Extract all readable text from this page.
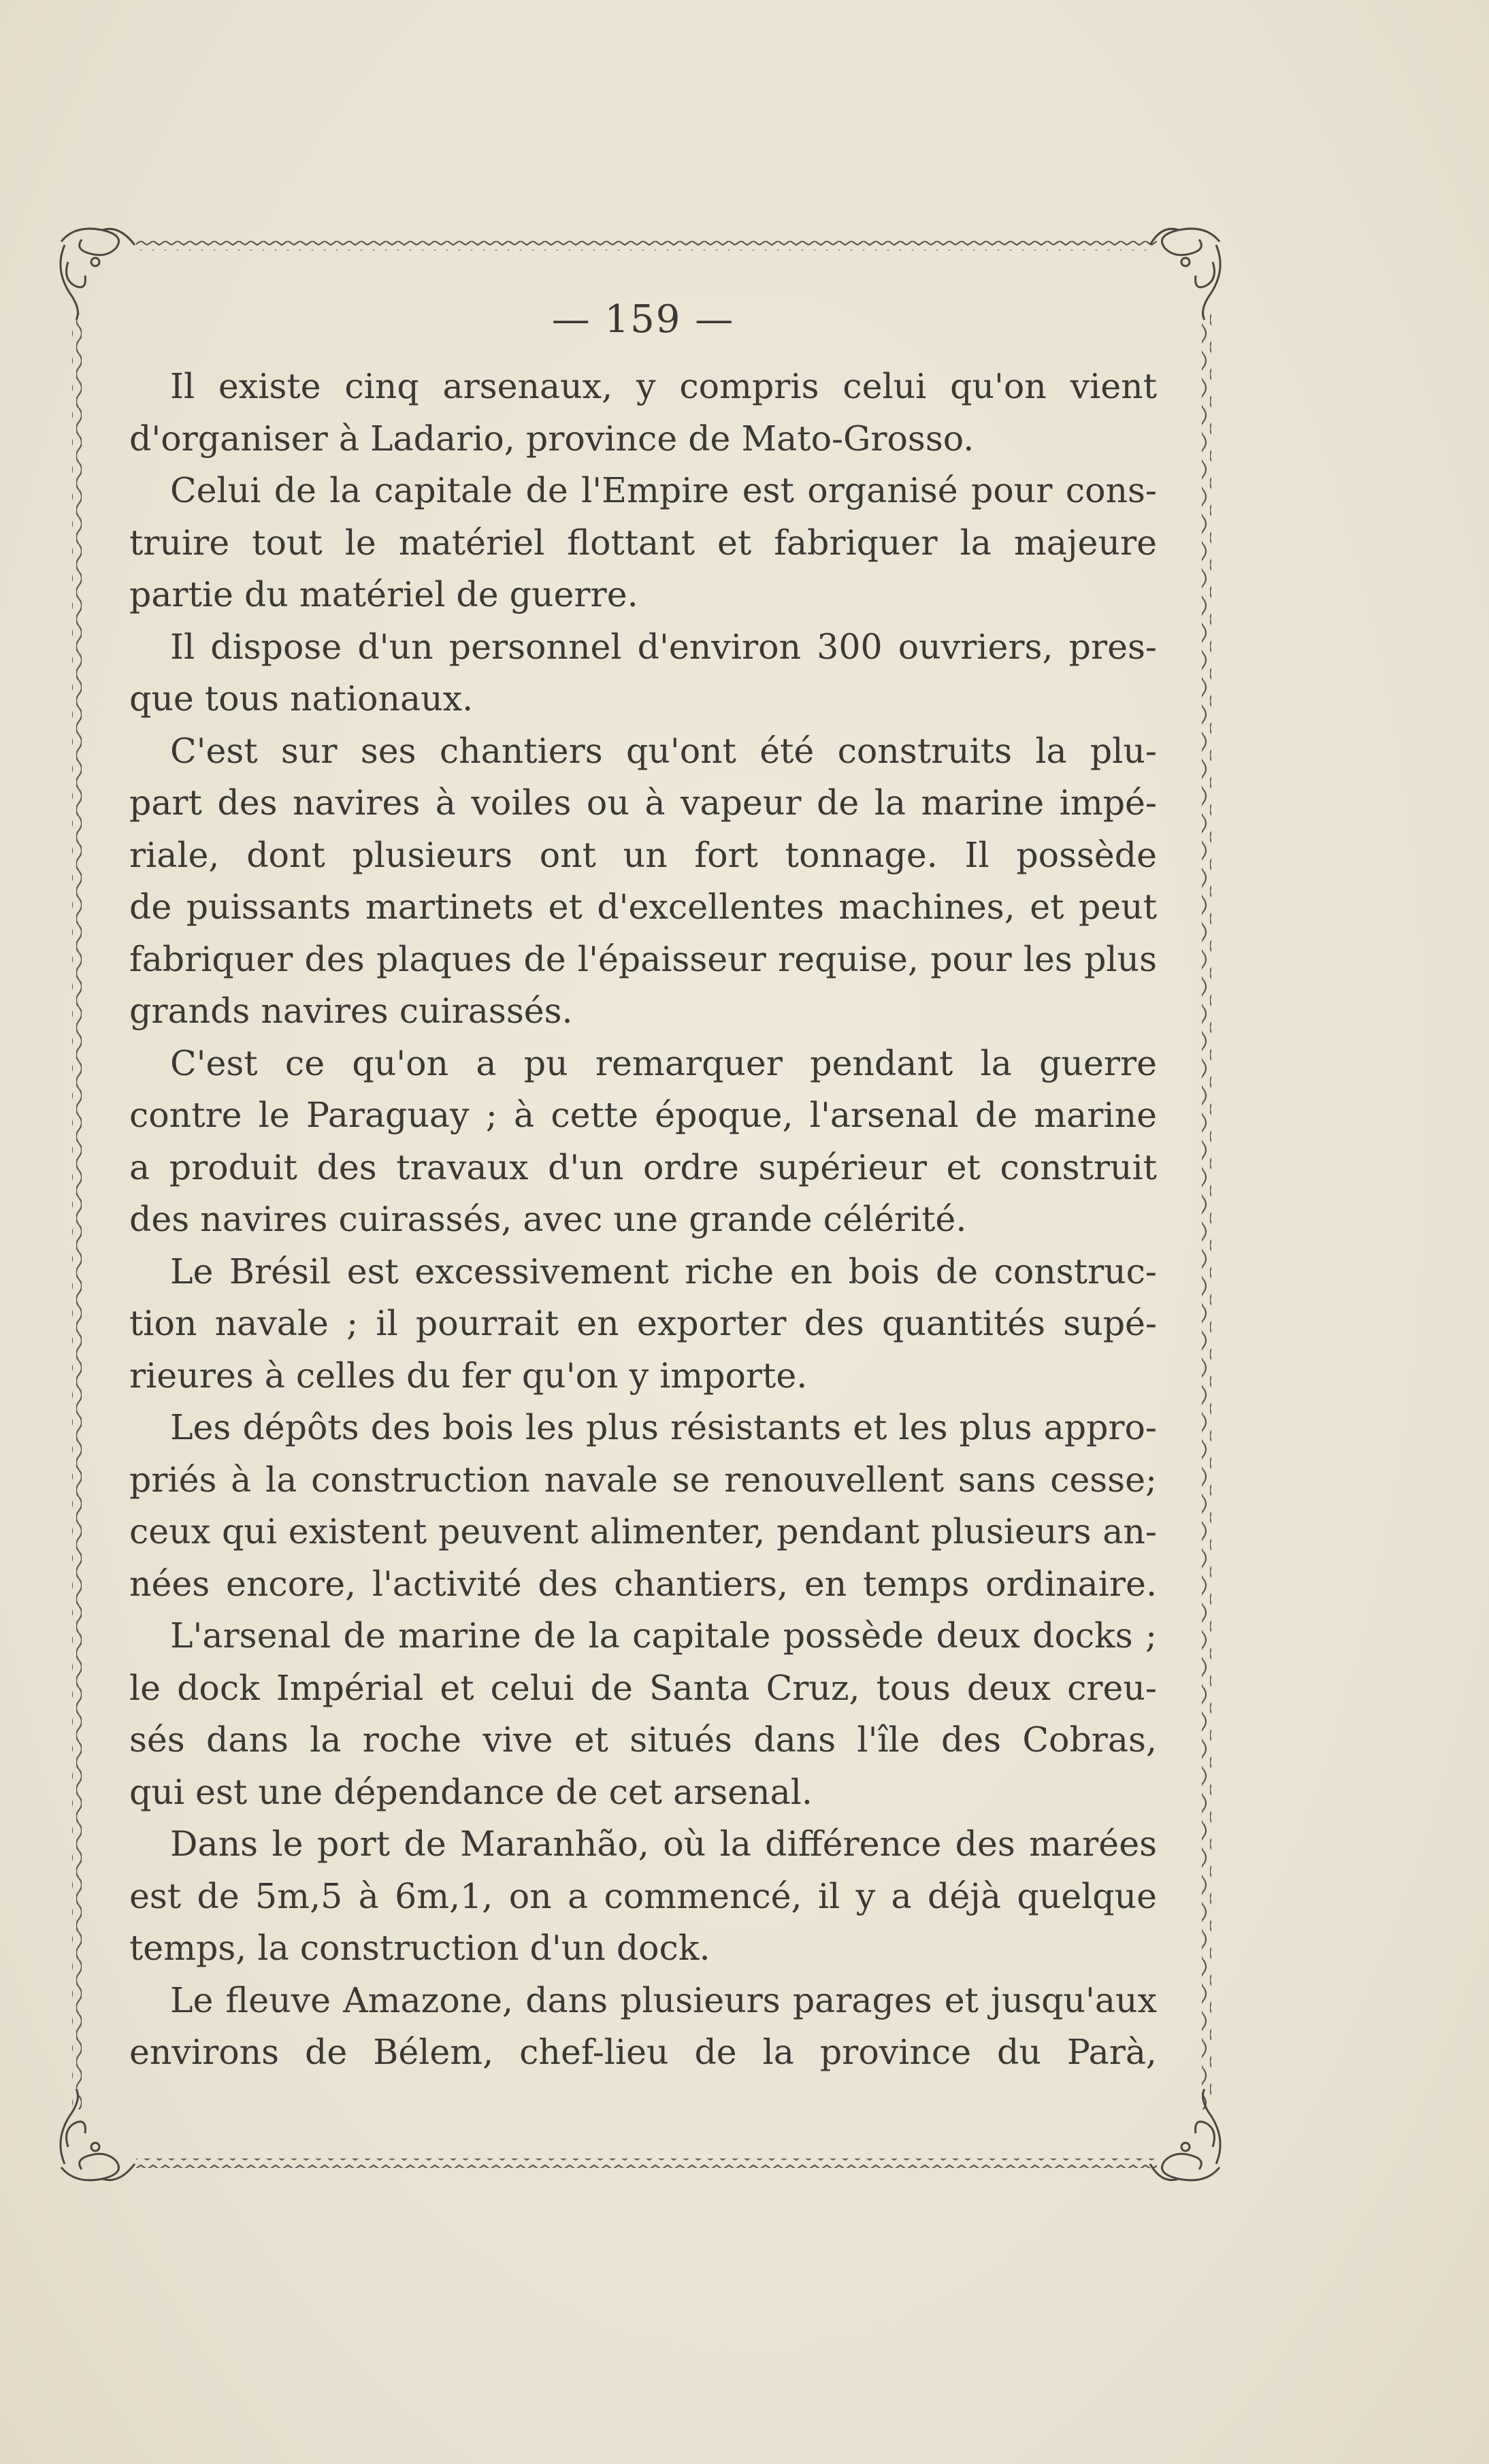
— 159 —
Il existe cinq arsenaux, y compris celui qu'on vient
d'organiser à Ladario, province de Mato-Grosso.
Celui de la capitale de l'Empire est organisé pour cons-
truire tout le matériel flottant et fabriquer la majeure
partie du matériel de guerre.
Il dispose d'un personnel d'environ 300 ouvriers, pres-
que tous nationaux.
C'est sur ses chantiers qu'ont été construits la plu-
part des navires à voiles ou à vapeur de la marine impé-
riale, dont plusieurs ont un fort tonnage. Il possède
de puissants martinets et d'excellentes machines, et peut
fabriquer des plaques de l'épaisseur requise, pour les plus
grands navires cuirassés.
C'est ce qu'on a pu remarquer pendant la guerre
contre le Paraguay ; à cette époque, l'arsenal de marine
a produit des travaux d'un ordre supérieur et construit
des navires cuirassés, avec une grande célérité.
Le Brésil est excessivement riche en bois de construc-
tion navale ; il pourrait en exporter des quantités supé-
rieures à celles du fer qu'on y importe.
Les dépôts des bois les plus résistants et les plus appro-
priés à la construction navale se renouvellent sans cesse;
ceux qui existent peuvent alimenter, pendant plusieurs an-
nées encore, l'activité des chantiers, en temps ordinaire.
L'arsenal de marine de la capitale possède deux docks ;
le dock Impérial et celui de Santa Cruz, tous deux creu-
sés dans la roche vive et situés dans l'île des Cobras,
qui est une dépendance de cet arsenal.
Dans le port de Maranhão, où la différence des marées
est de 5m,5 à 6m,1, on a commencé, il y a déjà quelque
temps, la construction d'un dock.
Le fleuve Amazone, dans plusieurs parages et jusqu'aux
environs de Bélem, chef-lieu de la province du Parà,
